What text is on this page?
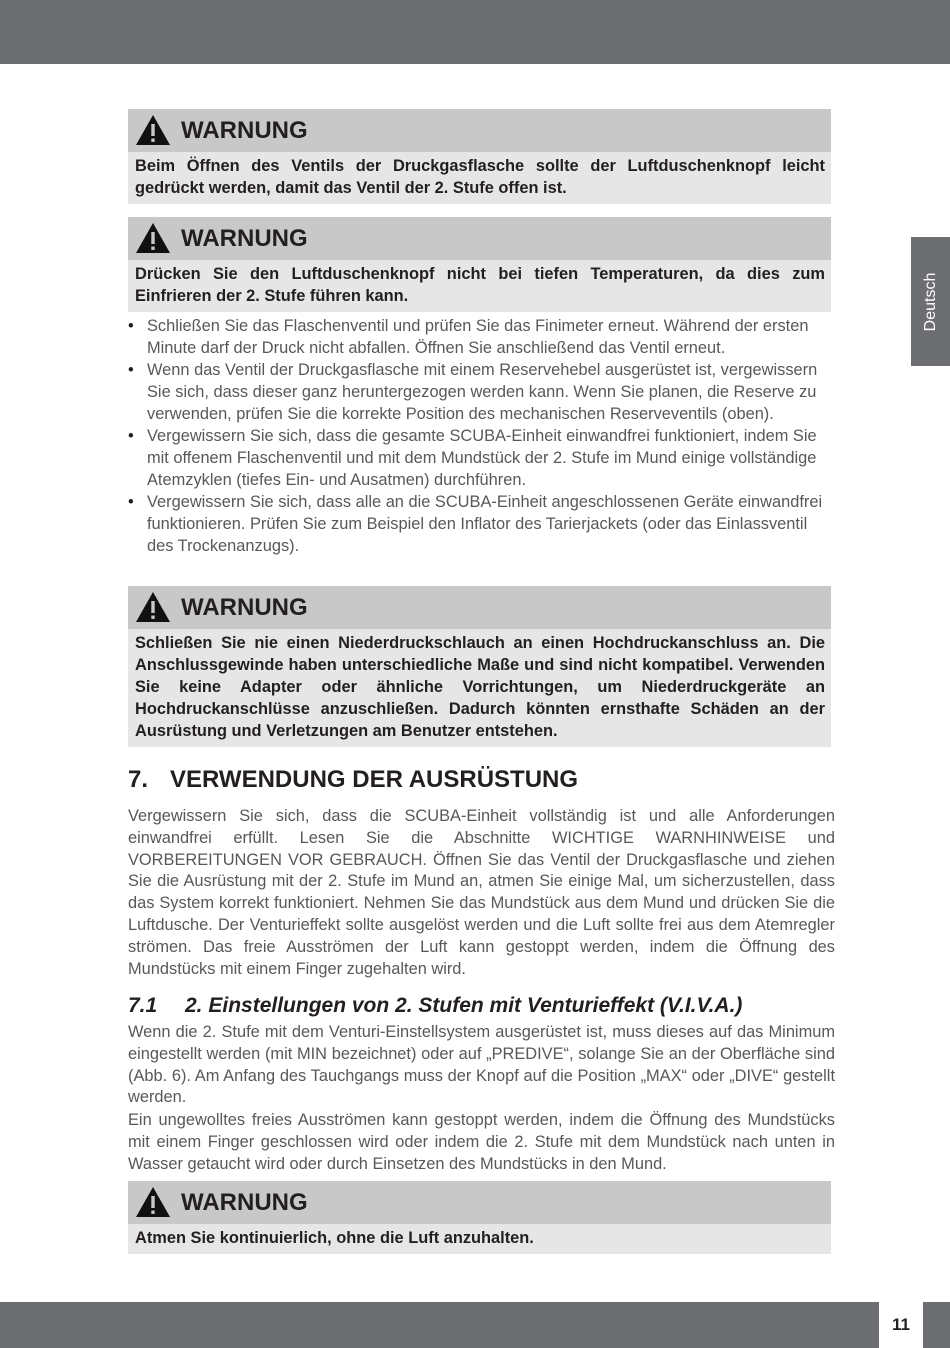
Deutsch
WARNUNG
Beim Öffnen des Ventils der Druckgasflasche sollte der Luftduschenknopf leicht gedrückt werden, damit das Ventil der 2. Stufe offen ist.
WARNUNG
Drücken Sie den Luftduschenknopf nicht bei tiefen Temperaturen, da dies zum Einfrieren der 2. Stufe führen kann.
• Schließen Sie das Flaschenventil und prüfen Sie das Finimeter erneut. Während der ersten Minute darf der Druck nicht abfallen. Öffnen Sie anschließend das Ventil erneut.
• Wenn das Ventil der Druckgasflasche mit einem Reservehebel ausgerüstet ist, vergewissern Sie sich, dass dieser ganz heruntergezogen werden kann. Wenn Sie planen, die Reserve zu verwenden, prüfen Sie die korrekte Position des mechanischen Reserveventils (oben).
• Vergewissern Sie sich, dass die gesamte SCUBA-Einheit einwandfrei funktioniert, indem Sie mit offenem Flaschenventil und mit dem Mundstück der 2. Stufe im Mund einige vollständige Atemzyklen (tiefes Ein- und Ausatmen) durchführen.
• Vergewissern Sie sich, dass alle an die SCUBA-Einheit angeschlossenen Geräte einwandfrei funktionieren. Prüfen Sie zum Beispiel den Inflator des Tarierjackets (oder das Einlassventil des Trockenanzugs).
WARNUNG
Schließen Sie nie einen Niederdruckschlauch an einen Hochdruckanschluss an. Die Anschlussgewinde haben unterschiedliche Maße und sind nicht kompatibel. Verwenden Sie keine Adapter oder ähnliche Vorrichtungen, um Niederdruckgeräte an Hochdruckanschlüsse anzuschließen. Dadurch könnten ernsthafte Schäden an der Ausrüstung und Verletzungen am Benutzer entstehen.
7. VERWENDUNG DER AUSRÜSTUNG

Vergewissern Sie sich, dass die SCUBA-Einheit vollständig ist und alle Anforderungen einwandfrei erfüllt. Lesen Sie die Abschnitte WICHTIGE WARNHINWEISE und VORBEREITUNGEN VOR GEBRAUCH. Öffnen Sie das Ventil der Druckgasflasche und ziehen Sie die Ausrüstung mit der 2. Stufe im Mund an, atmen Sie einige Mal, um sicherzustellen, dass das System korrekt funktioniert. Nehmen Sie das Mundstück aus dem Mund und drücken Sie die Luftdusche. Der Venturieffekt sollte ausgelöst werden und die Luft sollte frei aus dem Atemregler strömen. Das freie Ausströmen der Luft kann gestoppt werden, indem die Öffnung des Mundstücks mit einem Finger zugehalten wird.

7.1 2. Einstellungen von 2. Stufen mit Venturieffekt (V.I.V.A.)

Wenn die 2. Stufe mit dem Venturi-Einstellsystem ausgerüstet ist, muss dieses auf das Minimum eingestellt werden (mit MIN bezeichnet) oder auf „PREDIVE“, solange Sie an der Oberfläche sind (Abb. 6). Am Anfang des Tauchgangs muss der Knopf auf die Position „MAX“ oder „DIVE“ gestellt werden.

Ein ungewolltes freies Ausströmen kann gestoppt werden, indem die Öffnung des Mundstücks mit einem Finger geschlossen wird oder indem die 2. Stufe mit dem Mundstück nach unten in Wasser getaucht wird oder durch Einsetzen des Mundstücks in den Mund.

WARNUNG
Atmen Sie kontinuierlich, ohne die Luft anzuhalten.
11
